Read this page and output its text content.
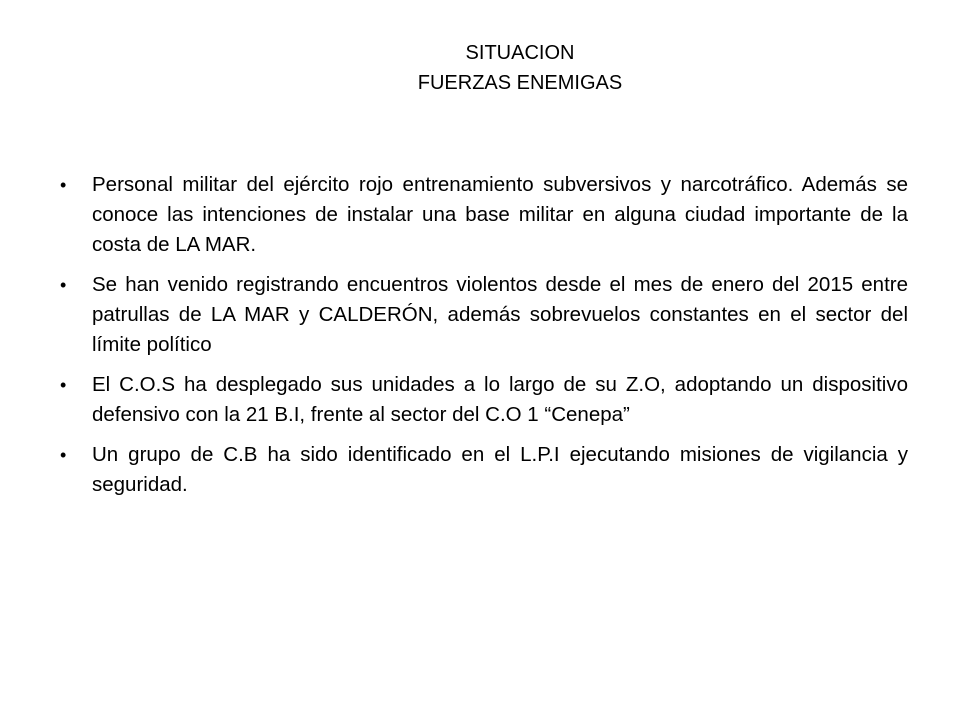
SITUACION
FUERZAS ENEMIGAS
•	Personal militar del ejército rojo entrenamiento subversivos y narcotráfico. Además se conoce las intenciones de instalar una base militar en alguna ciudad importante de la costa de LA MAR.
•	Se han venido registrando encuentros violentos desde el mes de enero del 2015 entre patrullas de LA MAR y CALDERÓN, además sobrevuelos constantes en el sector del límite político
•	El C.O.S ha desplegado sus unidades a lo largo de su Z.O, adoptando un dispositivo defensivo con la 21 B.I, frente al sector del C.O 1 “Cenepa”
•	Un grupo de C.B ha sido identificado en el L.P.I ejecutando misiones de vigilancia y seguridad.
